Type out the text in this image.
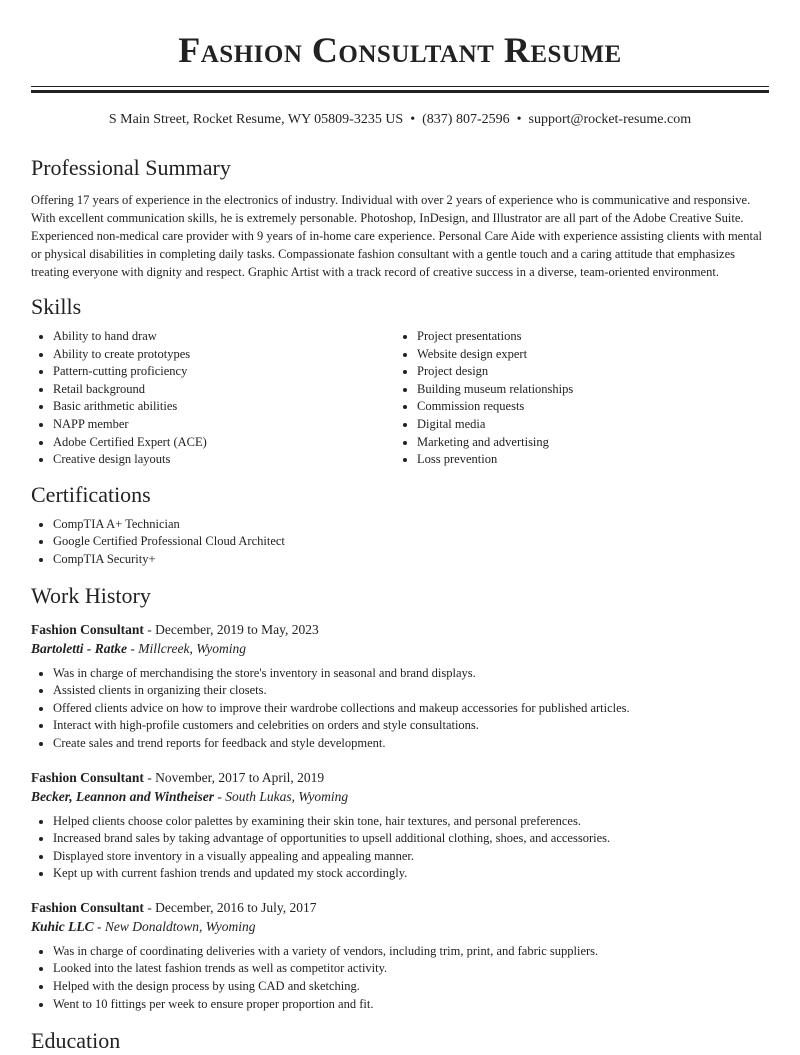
Fashion Consultant Resume
S Main Street, Rocket Resume, WY 05809-3235 US • (837) 807-2596 • support@rocket-resume.com
Professional Summary

Offering 17 years of experience in the electronics of industry. Individual with over 2 years of experience who is communicative and responsive. With excellent communication skills, he is extremely personable. Photoshop, InDesign, and Illustrator are all part of the Adobe Creative Suite. Experienced non-medical care provider with 9 years of in-home care experience. Personal Care Aide with experience assisting clients with mental or physical disabilities in completing daily tasks. Compassionate fashion consultant with a gentle touch and a caring attitude that emphasizes treating everyone with dignity and respect. Graphic Artist with a track record of creative success in a diverse, team-oriented environment.

Skills
• Ability to hand draw
• Ability to create prototypes
• Pattern-cutting proficiency
• Retail background
• Basic arithmetic abilities
• NAPP member
• Adobe Certified Expert (ACE)
• Creative design layouts
• Project presentations
• Website design expert
• Project design
• Building museum relationships
• Commission requests
• Digital media
• Marketing and advertising
• Loss prevention
Certifications
• CompTIA A+ Technician
• Google Certified Professional Cloud Architect
• CompTIA Security+
Work History
Fashion Consultant - December, 2019 to May, 2023
Bartoletti - Ratke - Millcreek, Wyoming
• Was in charge of merchandising the store's inventory in seasonal and brand displays.
• Assisted clients in organizing their closets.
• Offered clients advice on how to improve their wardrobe collections and makeup accessories for published articles.
• Interact with high-profile customers and celebrities on orders and style consultations.
• Create sales and trend reports for feedback and style development.
Fashion Consultant - November, 2017 to April, 2019
Becker, Leannon and Wintheiser - South Lukas, Wyoming
• Helped clients choose color palettes by examining their skin tone, hair textures, and personal preferences.
• Increased brand sales by taking advantage of opportunities to upsell additional clothing, shoes, and accessories.
• Displayed store inventory in a visually appealing and appealing manner.
• Kept up with current fashion trends and updated my stock accordingly.
Fashion Consultant - December, 2016 to July, 2017
Kuhic LLC - New Donaldtown, Wyoming
• Was in charge of coordinating deliveries with a variety of vendors, including trim, print, and fabric suppliers.
• Looked into the latest fashion trends as well as competitor activity.
• Helped with the design process by using CAD and sketching.
• Went to 10 fittings per week to ensure proper proportion and fit.
Education
